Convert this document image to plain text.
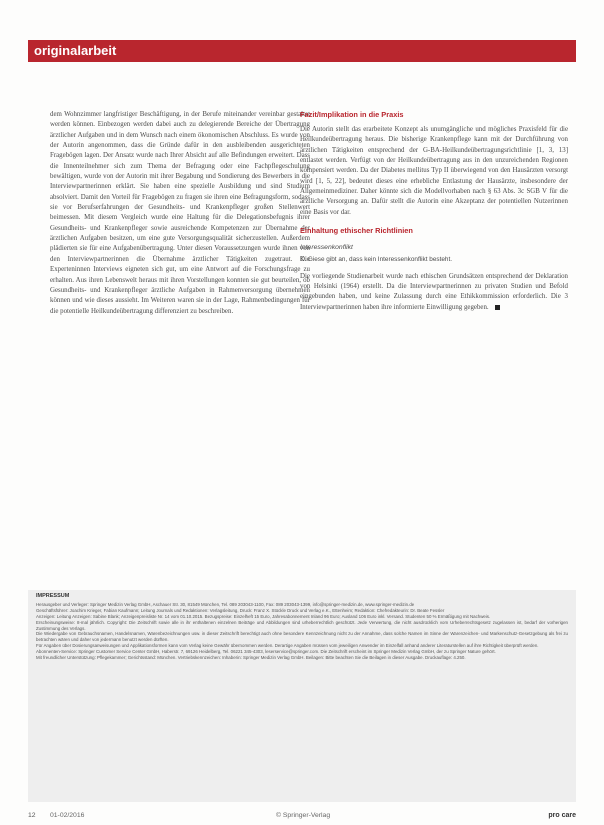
originalarbeit

dem Wohnzimmer langfristiger Beschäftigung, in der Berufe miteinander vereinbar gestaltet werden können. Einbezogen werden dabei auch zu delegierende Bereiche der Übertragung ärztlicher Aufgaben und in dem Wunsch nach einem ökonomischen Abschluss. Es wurde von der Autorin angenommen, dass die Gründe dafür in den ausbleibenden ausgerichteten Fragebögen lagen. Der Ansatz wurde nach Ihrer Absicht auf alle Befindungen erweitert. Dass die Innenteilnehmer sich zum Thema der Befragung oder eine Fachpflegeschulung bewältigen, wurde von der Autorin mit ihrer Begabung und Sondierung des Bewerbers in die Interviewpartnerinnen erklärt. Sie haben eine spezielle Ausbildung und sind Studium absolviert. Damit den Vorteil für Fragebögen zu fragen sie ihren eine Befragungsform, sodass sie vor Berufserfahrungen der Gesundheits- und Krankenpfleger großen Stellenwert beimessen. Mit diesem Vergleich wurde eine Haltung für die Delegationsbefugnis ihrer Gesundheits- und Krankenpfleger sowie ausreichende Kompetenzen zur Übernahme der ärztlichen Aufgaben besitzen, um eine gute Versorgungsqualität sicherzustellen. Außerdem plädierten sie für eine Aufgabenübertragung. Unter diesen Voraussetzungen wurde ihnen von den Interviewpartnerinnen die Übernahme ärztlicher Tätigkeiten zugetraut. Die Experteninnen Interviews eigneten sich gut, um eine Antwort auf die Forschungsfrage zu erhalten. Aus ihren Lebenswelt heraus mit ihren Vorstellungen konnten sie gut beurteilen, ob Gesundheits- und Krankenpfleger ärztliche Aufgaben in Rahmenversorgung übernehmen können und wie dieses aussieht. Im Weiteren waren sie in der Lage, Rahmenbedingungen für die potentielle Heilkundeübertragung differenziert zu beschreiben.

Fazit/Implikation in die Praxis

Die Autorin stellt das erarbeitete Konzept als unumgängliche und mögliches Praxisfeld für die Heilkundeübertragung heraus. Die bisherige Krankenpflege kann mit der Durchführung von ärztlichen Tätigkeiten entsprechend der G-BA-Heilkundeübertragungsrichtlinie [1, 3, 13] entlastet werden. Verfügt von der Heilkundeübertragung aus in den unzureichenden Regionen kompensiert werden. Da der Diabetes mellitus Typ II überwiegend von den Hausärzten versorgt wird [1, 5, 22], bedeutet dieses eine erhebliche Entlastung der Hausärzte, insbesondere der Allgemeinmediziner. Daher könnte sich die Modellvorhaben nach § 63 Abs. 3c SGB V für die ärztliche Versorgung an. Dafür stellt die Autorin eine Akzeptanz der potentiellen Nutzerinnen eine Basis vor dar.

Einhaltung ethischer Richtlinien
Interessenkonflikt

K. Giese gibt an, dass kein Interessenkonflikt besteht.

Die vorliegende Studienarbeit wurde nach ethischen Grundsätzen entsprechend der Deklaration von Helsinki (1964) erstellt. Da die Interviewpartnerinnen zu privaten Studien und Befold eingebunden haben, und keine Zulassung durch eine Ethikkommission erforderlich. Die 3 Interviewpartnerinnen haben ihre informierte Einwilligung gegeben.

IMPRESSUM
Herausgeber und Verleger: Springer Medizin Verlag GmbH, Aschauer Str. 30, 81549 München, Tel. 089 203043-1100, Fax: 089 203043-1399, info@springer-medizin.de, www.springer-medizin.de
Geschäftsführer: Joachim Krieger, Fabian Kaufmann; Leitung Journals und Redaktionen: Verlagsleitung, Druck: Franz X. Stückle Druck und Verlag e.K., Ettenheim; Redaktion: Chefredakteurin: Dr. Beate Fessler
Anzeigen: Leitung Anzeigen: Sabine Blank; Anzeigenpreisliste Nr. 14 vom 01.10.2015. Bezugspreise: Einzelheft 15 Euro, Jahresabonnement Inland 96 Euro; Ausland 106 Euro inkl. Versand. Studenten 50 % Ermäßigung mit Nachweis.
Erscheinungsweise: 8-mal jährlich. Copyright: Die Zeitschrift sowie alle in ihr enthaltenen einzelnen Beiträge und Abbildungen sind urheberrechtlich geschützt. Jede Verwertung, die nicht ausdrücklich vom Urheberrechtsgesetz zugelassen ist, bedarf der vorherigen Zustimmung des Verlags.
Die Wiedergabe von Gebrauchsnamen, Handelsnamen, Warenbezeichnungen usw. in dieser Zeitschrift berechtigt auch ohne besondere Kennzeichnung nicht zu der Annahme, dass solche Namen im Sinne der Warenzeichen- und Markenschutz-Gesetzgebung als frei zu betrachten wären und daher von jedermann benutzt werden dürften.
Für Angaben über Dosierungsanweisungen und Applikationsformen kann vom Verlag keine Gewähr übernommen werden. Derartige Angaben müssen vom jeweiligen Anwender im Einzelfall anhand anderer Literaturstellen auf ihre Richtigkeit überprüft werden.
Abonnenten-Service: Springer Customer Service Center GmbH, Haberstr. 7, 69126 Heidelberg, Tel. 06221 345-4303, leserservice@springer.com. Die Zeitschrift erscheint im Springer Medizin Verlag GmbH, der zu Springer Nature gehört.
Mit freundlicher Unterstützung: Pflegekammer; Gerichtsstand: München. Vertriebskennzeichen: Inhaberin: Springer Medizin Verlag GmbH. Beilagen: Bitte beachten Sie die Beilagen in dieser Ausgabe. Druckauflage: 4.250.
12 01-02/2016	© Springer-Verlag	pro care
